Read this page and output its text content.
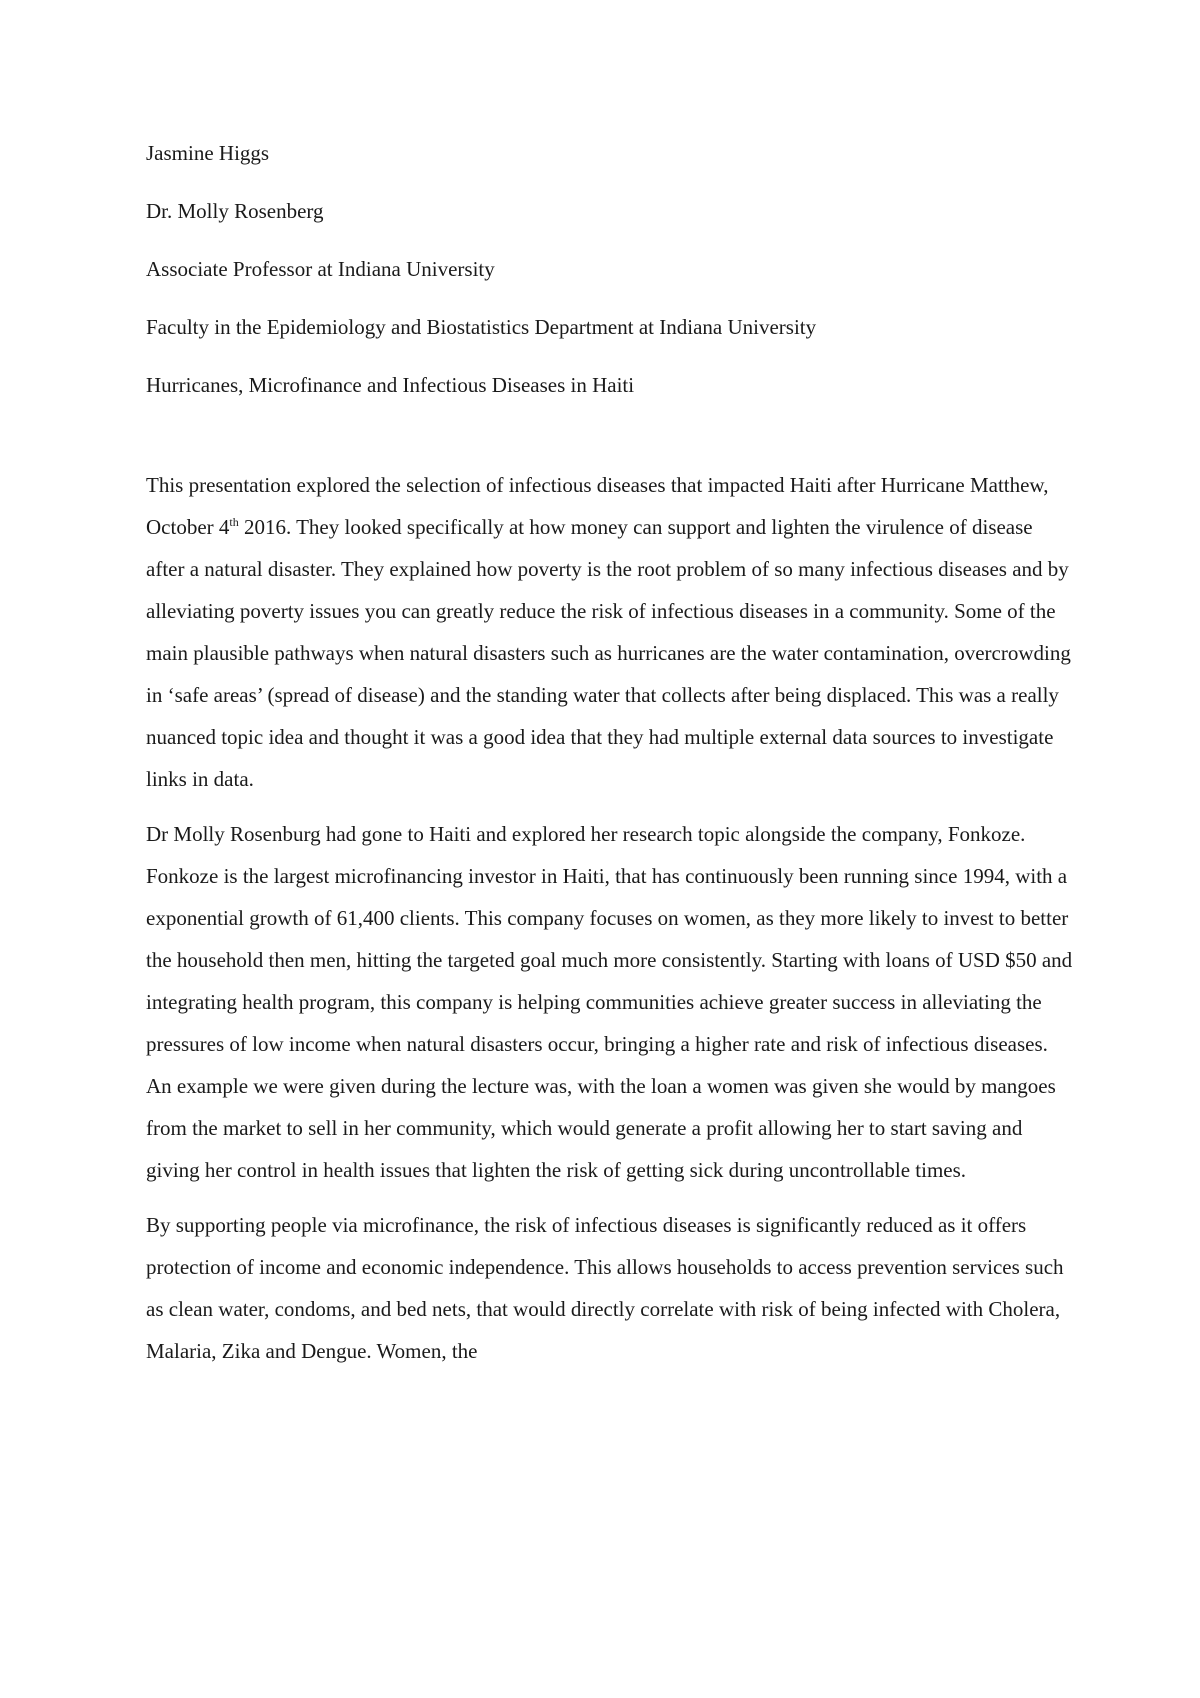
Jasmine Higgs
Dr. Molly Rosenberg
Associate Professor at Indiana University
Faculty in the Epidemiology and Biostatistics Department at Indiana University
Hurricanes, Microfinance and Infectious Diseases in Haiti

This presentation explored the selection of infectious diseases that impacted Haiti after Hurricane Matthew, October 4th 2016. They looked specifically at how money can support and lighten the virulence of disease after a natural disaster. They explained how poverty is the root problem of so many infectious diseases and by alleviating poverty issues you can greatly reduce the risk of infectious diseases in a community. Some of the main plausible pathways when natural disasters such as hurricanes are the water contamination, overcrowding in ‘safe areas’ (spread of disease) and the standing water that collects after being displaced. This was a really nuanced topic idea and thought it was a good idea that they had multiple external data sources to investigate links in data.

Dr Molly Rosenburg had gone to Haiti and explored her research topic alongside the company, Fonkoze. Fonkoze is the largest microfinancing investor in Haiti, that has continuously been running since 1994, with a exponential growth of 61,400 clients. This company focuses on women, as they more likely to invest to better the household then men, hitting the targeted goal much more consistently. Starting with loans of USD $50 and integrating health program, this company is helping communities achieve greater success in alleviating the pressures of low income when natural disasters occur, bringing a higher rate and risk of infectious diseases. An example we were given during the lecture was, with the loan a women was given she would by mangoes from the market to sell in her community, which would generate a profit allowing her to start saving and giving her control in health issues that lighten the risk of getting sick during uncontrollable times.

By supporting people via microfinance, the risk of infectious diseases is significantly reduced as it offers protection of income and economic independence. This allows households to access prevention services such as clean water, condoms, and bed nets, that would directly correlate with risk of being infected with Cholera, Malaria, Zika and Dengue. Women, the
